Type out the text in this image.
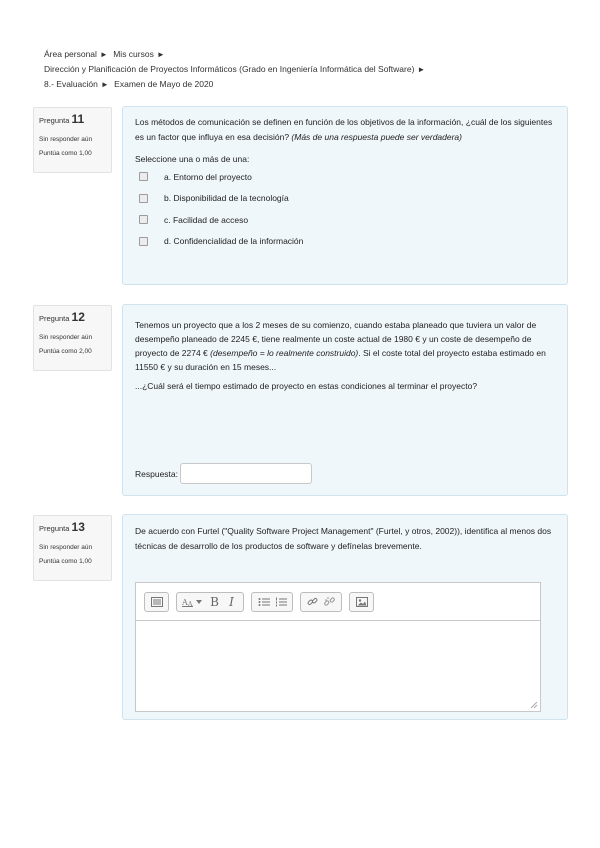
Área personal ► Mis cursos ►
Dirección y Planificación de Proyectos Informáticos (Grado en Ingeniería Informática del Software) ►
8.- Evaluación ► Examen de Mayo de 2020
Pregunta 11
Sin responder aún
Puntúa como 1,00
Los métodos de comunicación se definen en función de los objetivos de la información, ¿cuál de los siguientes es un factor que influya en esa decisión? (Más de una respuesta puede ser verdadera)
Seleccione una o más de una:
a. Entorno del proyecto
b. Disponibilidad de la tecnología
c. Facilidad de acceso
d. Confidencialidad de la información
Pregunta 12
Sin responder aún
Puntúa como 2,00
Tenemos un proyecto que a los 2 meses de su comienzo, cuando estaba planeado que tuviera un valor de desempeño planeado de 2245 €, tiene realmente un coste actual de 1980 € y un coste de desempeño de proyecto de 2274 € (desempeño = lo realmente construido). Si el coste total del proyecto estaba estimado en 11550 € y su duración en 15 meses...
...¿Cuál será el tiempo estimado de proyecto en estas condiciones al terminar el proyecto?
Respuesta:
Pregunta 13
Sin responder aún
Puntúa como 1,00
De acuerdo con Furtel ("Quality Software Project Management" (Furtel, y otros, 2002)), identifica al menos dos técnicas de desarrollo de los productos de software y defínelas brevemente.
A A	B I
